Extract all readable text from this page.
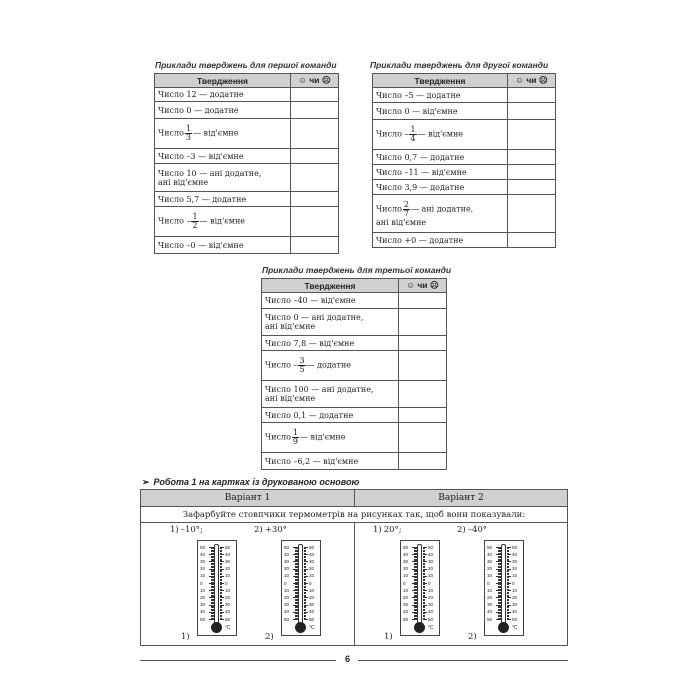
Приклади тверджень для першої команди
Твердження	☺ чи ☹
Число 12 — додатне	
Число 0 — додатне	
Число $\frac{1}{3}$ — від'ємне	
Число –3 — від'ємне	
Число 10 — ані додатне,
ані від'ємне	
Число 5,7 — додатне	
Число – $\frac{1}{2}$ — від'ємне	
Число –0 — від'ємне	
Приклади тверджень для другої команди
Твердження	☺ чи ☹
Число –5 — додатне	
Число 0 — від'ємне	
Число – $\frac{1}{4}$ — від'ємне	
Число 0,7 — додатне	
Число –11 — від'ємне	
Число 3,9 — додатне	
Число $\frac{2}{7}$ — ані додатне,
ані від'ємне	
Число +0 — додатне	
Приклади тверджень для третьої команди
Твердження	☺ чи ☹
Число –40 — від'ємне	
Число 0 — ані додатне,
ані від'ємне	
Число 7,8 — від'ємне	
Число – $\frac{3}{5}$ — додатне	
Число 100 — ані додатне,
ані від'ємне	
Число 0,1 — додатне	
Число $\frac{1}{9}$ — від'ємне	
Число –6,2 — від'ємне	
➢ Робота 1 на картках із друкованою основою
Варіант 1	Варіант 2
Зафарбуйте стовпчики термометрів на рисунках так, щоб вони показували:
1) –10°;
1)
°C
50	50
40	40
30	30
20	20
10	10
0	0
10	10
20	20
30	30
40	40
50	50
2) +30°
2)
°C
50	50
40	40
30	30
20	20
10	10
0	0
10	10
20	20
30	30
40	40
50	50
1) 20°;
1)
°C
50	50
40	40
30	30
20	20
10	10
0	0
10	10
20	20
30	30
40	40
50	50
2) –40°
2)
°C
50	50
40	40
30	30
20	20
10	10
0	0
10	10
20	20
30	30
40	40
50	50
6
